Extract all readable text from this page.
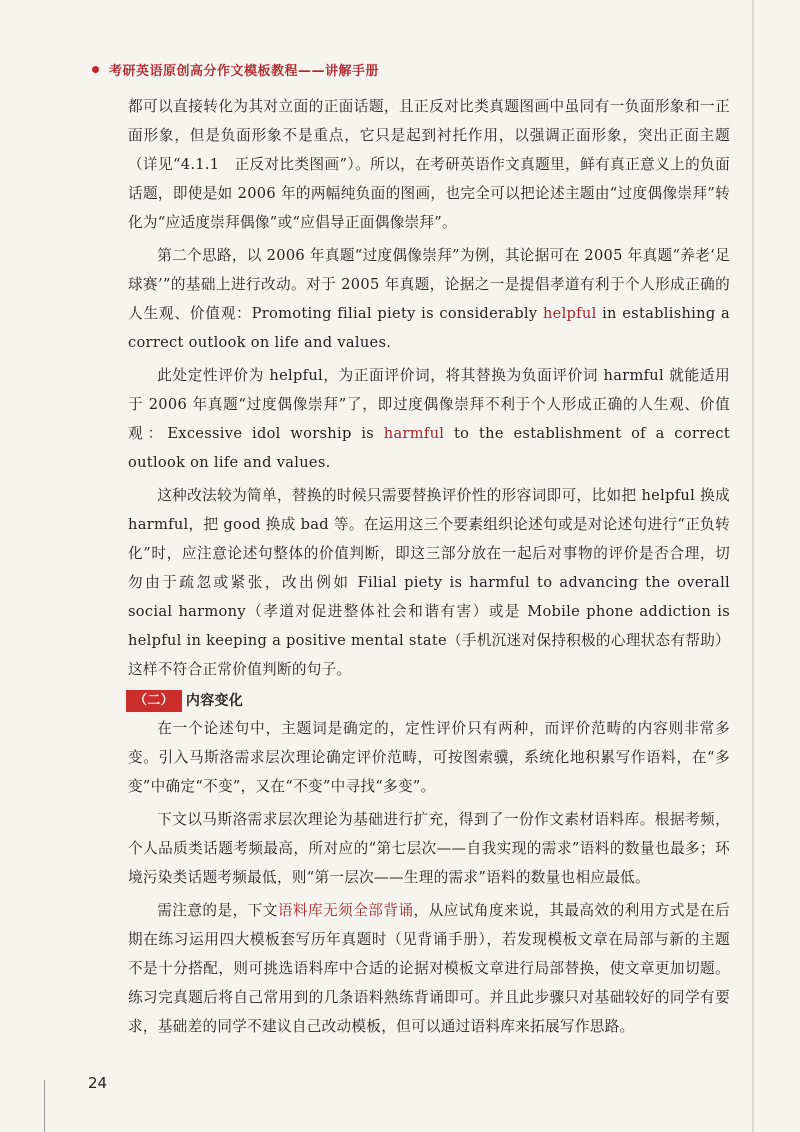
考研英语原创高分作文模板教程——讲解手册

都可以直接转化为其对立面的正面话题，且正反对比类真题图画中虽同有一负面形象和一正面形象，但是负面形象不是重点，它只是起到衬托作用，以强调正面形象，突出正面主题（详见“4.1.1　正反对比类图画”）。所以，在考研英语作文真题里，鲜有真正意义上的负面话题，即使是如 2006 年的两幅纯负面的图画，也完全可以把论述主题由“过度偶像崇拜”转化为“应适度崇拜偶像”或“应倡导正面偶像崇拜”。

第二个思路，以 2006 年真题“过度偶像崇拜”为例，其论据可在 2005 年真题“养老‘足球赛’”的基础上进行改动。对于 2005 年真题，论据之一是提倡孝道有利于个人形成正确的人生观、价值观：Promoting filial piety is considerably helpful in establishing a correct outlook on life and values.

此处定性评价为 helpful，为正面评价词，将其替换为负面评价词 harmful 就能适用于 2006 年真题“过度偶像崇拜”了，即过度偶像崇拜不利于个人形成正确的人生观、价值观：Excessive idol worship is harmful to the establishment of a correct outlook on life and values.

这种改法较为简单，替换的时候只需要替换评价性的形容词即可，比如把 helpful 换成 harmful，把 good 换成 bad 等。在运用这三个要素组织论述句或是对论述句进行“正负转化”时，应注意论述句整体的价值判断，即这三部分放在一起后对事物的评价是否合理，切勿由于疏忽或紧张，改出例如 Filial piety is harmful to advancing the overall social harmony（孝道对促进整体社会和谐有害）或是 Mobile phone addiction is helpful in keeping a positive mental state（手机沉迷对保持积极的心理状态有帮助）这样不符合正常价值判断的句子。

（二） 内容变化

在一个论述句中，主题词是确定的，定性评价只有两种，而评价范畴的内容则非常多变。引入马斯洛需求层次理论确定评价范畴，可按图索骥，系统化地积累写作语料，在“多变”中确定“不变”，又在“不变”中寻找“多变”。

下文以马斯洛需求层次理论为基础进行扩充，得到了一份作文素材语料库。根据考频，个人品质类话题考频最高，所对应的“第七层次——自我实现的需求”语料的数量也最多；环境污染类话题考频最低，则“第一层次——生理的需求”语料的数量也相应最低。

需注意的是，下文语料库无须全部背诵，从应试角度来说，其最高效的利用方式是在后期在练习运用四大模板套写历年真题时（见背诵手册），若发现模板文章在局部与新的主题不是十分搭配，则可挑选语料库中合适的论据对模板文章进行局部替换，使文章更加切题。练习完真题后将自己常用到的几条语料熟练背诵即可。并且此步骤只对基础较好的同学有要求，基础差的同学不建议自己改动模板，但可以通过语料库来拓展写作思路。

24
